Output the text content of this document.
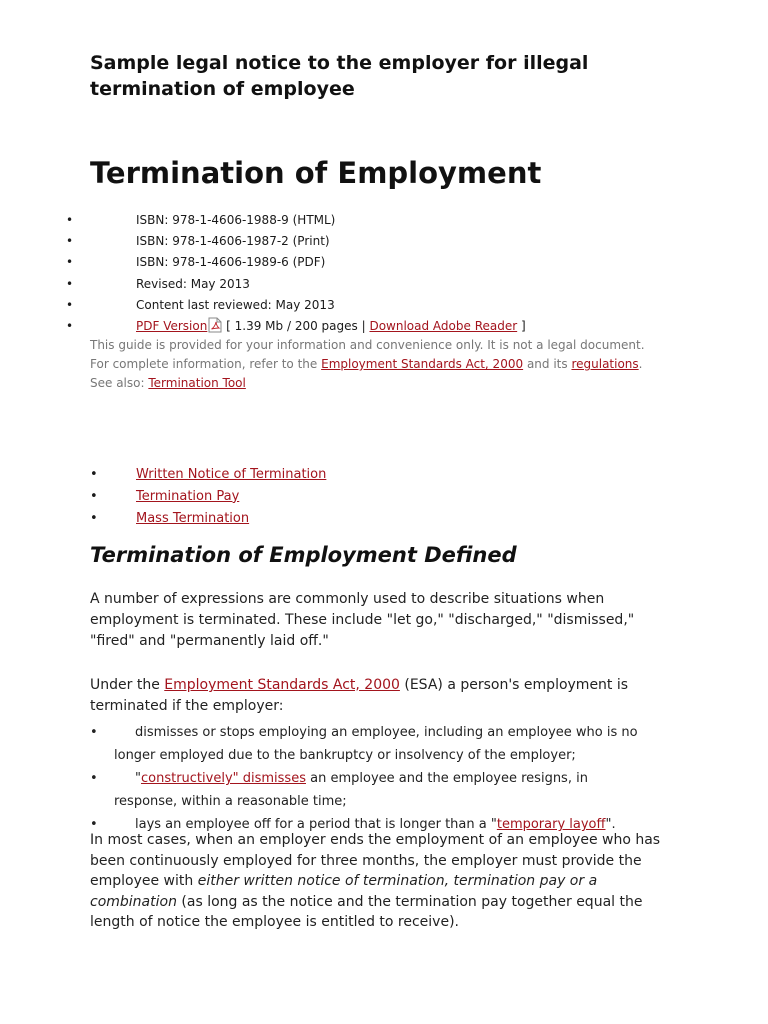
Sample legal notice to the employer for illegal termination of employee
Termination of Employment
•	ISBN: 978-1-4606-1988-9 (HTML)
•	ISBN: 978-1-4606-1987-2 (Print)
•	ISBN: 978-1-4606-1989-6 (PDF)
•	Revised: May 2013
•	Content last reviewed: May 2013
•	PDF Version [ 1.39 Mb / 200 pages | Download Adobe Reader ]
This guide is provided for your information and convenience only. It is not a legal document. For complete information, refer to the Employment Standards Act, 2000 and its regulations.
See also: Termination Tool
•	Written Notice of Termination
•	Termination Pay
•	Mass Termination
Termination of Employment Defined

A number of expressions are commonly used to describe situations when employment is terminated. These include "let go," "discharged," "dismissed," "fired" and "permanently laid off."

Under the Employment Standards Act, 2000 (ESA) a person's employment is terminated if the employer:

•	dismisses or stops employing an employee, including an employee who is no longer employed due to the bankruptcy or insolvency of the employer;
•	"constructively" dismisses an employee and the employee resigns, in response, within a reasonable time;
•	lays an employee off for a period that is longer than a "temporary layoff".

In most cases, when an employer ends the employment of an employee who has been continuously employed for three months, the employer must provide the employee with either written notice of termination, termination pay or a combination (as long as the notice and the termination pay together equal the length of notice the employee is entitled to receive).
